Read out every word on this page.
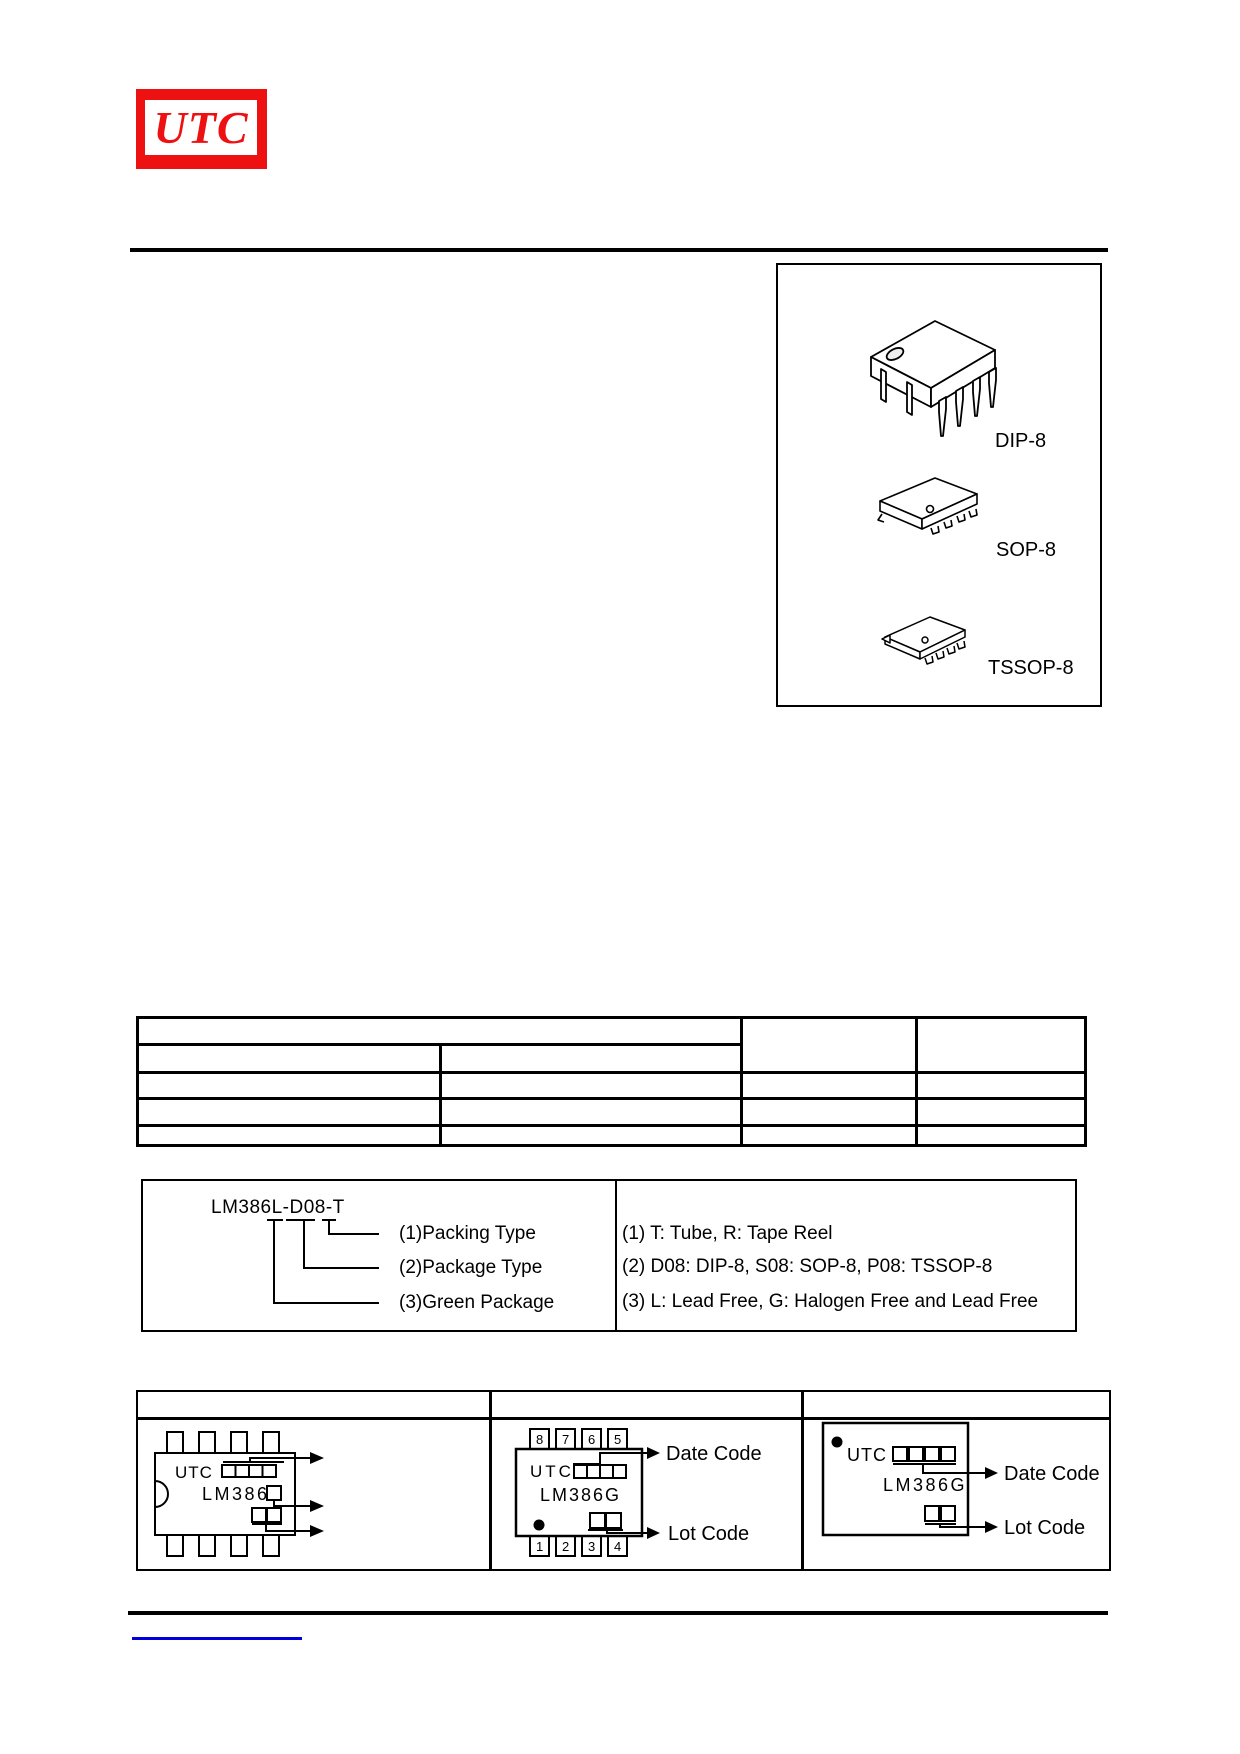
UTC
DIP-8
SOP-8
TSSOP-8
LM386L-D08-T
(1)Packing Type
(2)Package Type
(3)Green Package
(1) T: Tube, R: Tape Reel
(2) D08: DIP-8, S08: SOP-8, P08: TSSOP-8
(3) L: Lead Free, G: Halogen Free and Lead Free
UTC
LM386
8 7 6 5
1 2 3 4
UTC
LM386G
Date Code
Lot Code
UTC
LM386G Date Code
Lot Code
